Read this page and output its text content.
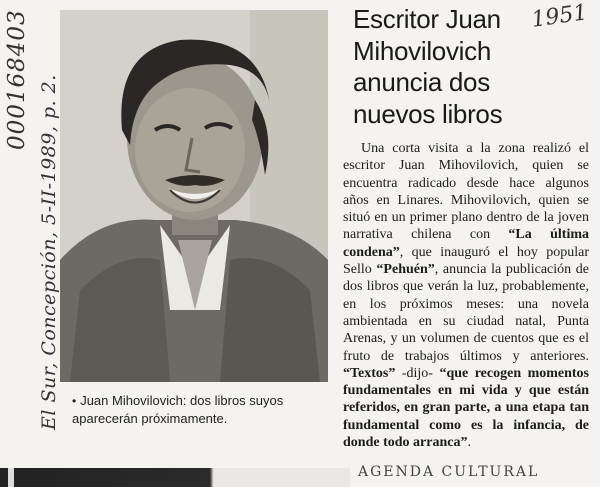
000168403 El Sur, Concepción, 5-II-1989, p. 2.
1951
• Juan Mihovilovich: dos libros suyos aparecerán próximamente.
Escritor Juan Mihovilovich anuncia dos nuevos libros

Una corta visita a la zona realizó el escritor Juan Mihovilovich, quien se encuentra radicado desde hace algunos años en Linares. Mihovilovich, quien se situó en un primer plano dentro de la joven narrativa chilena con “La última condena”, que inauguró el hoy popular Sello “Pehuén”, anuncia la publicación de dos libros que verán la luz, probablemente, en los próximos meses: una novela ambientada en su ciudad natal, Punta Arenas, y un volumen de cuentos que es el fruto de trabajos últimos y anteriores. “Textos” -dijo- “que recogen momentos fundamentales en mi vida y que están referidos, en gran parte, a una etapa tan fundamental como es la infancia, de donde todo arranca”.

AGENDA CULTURAL
